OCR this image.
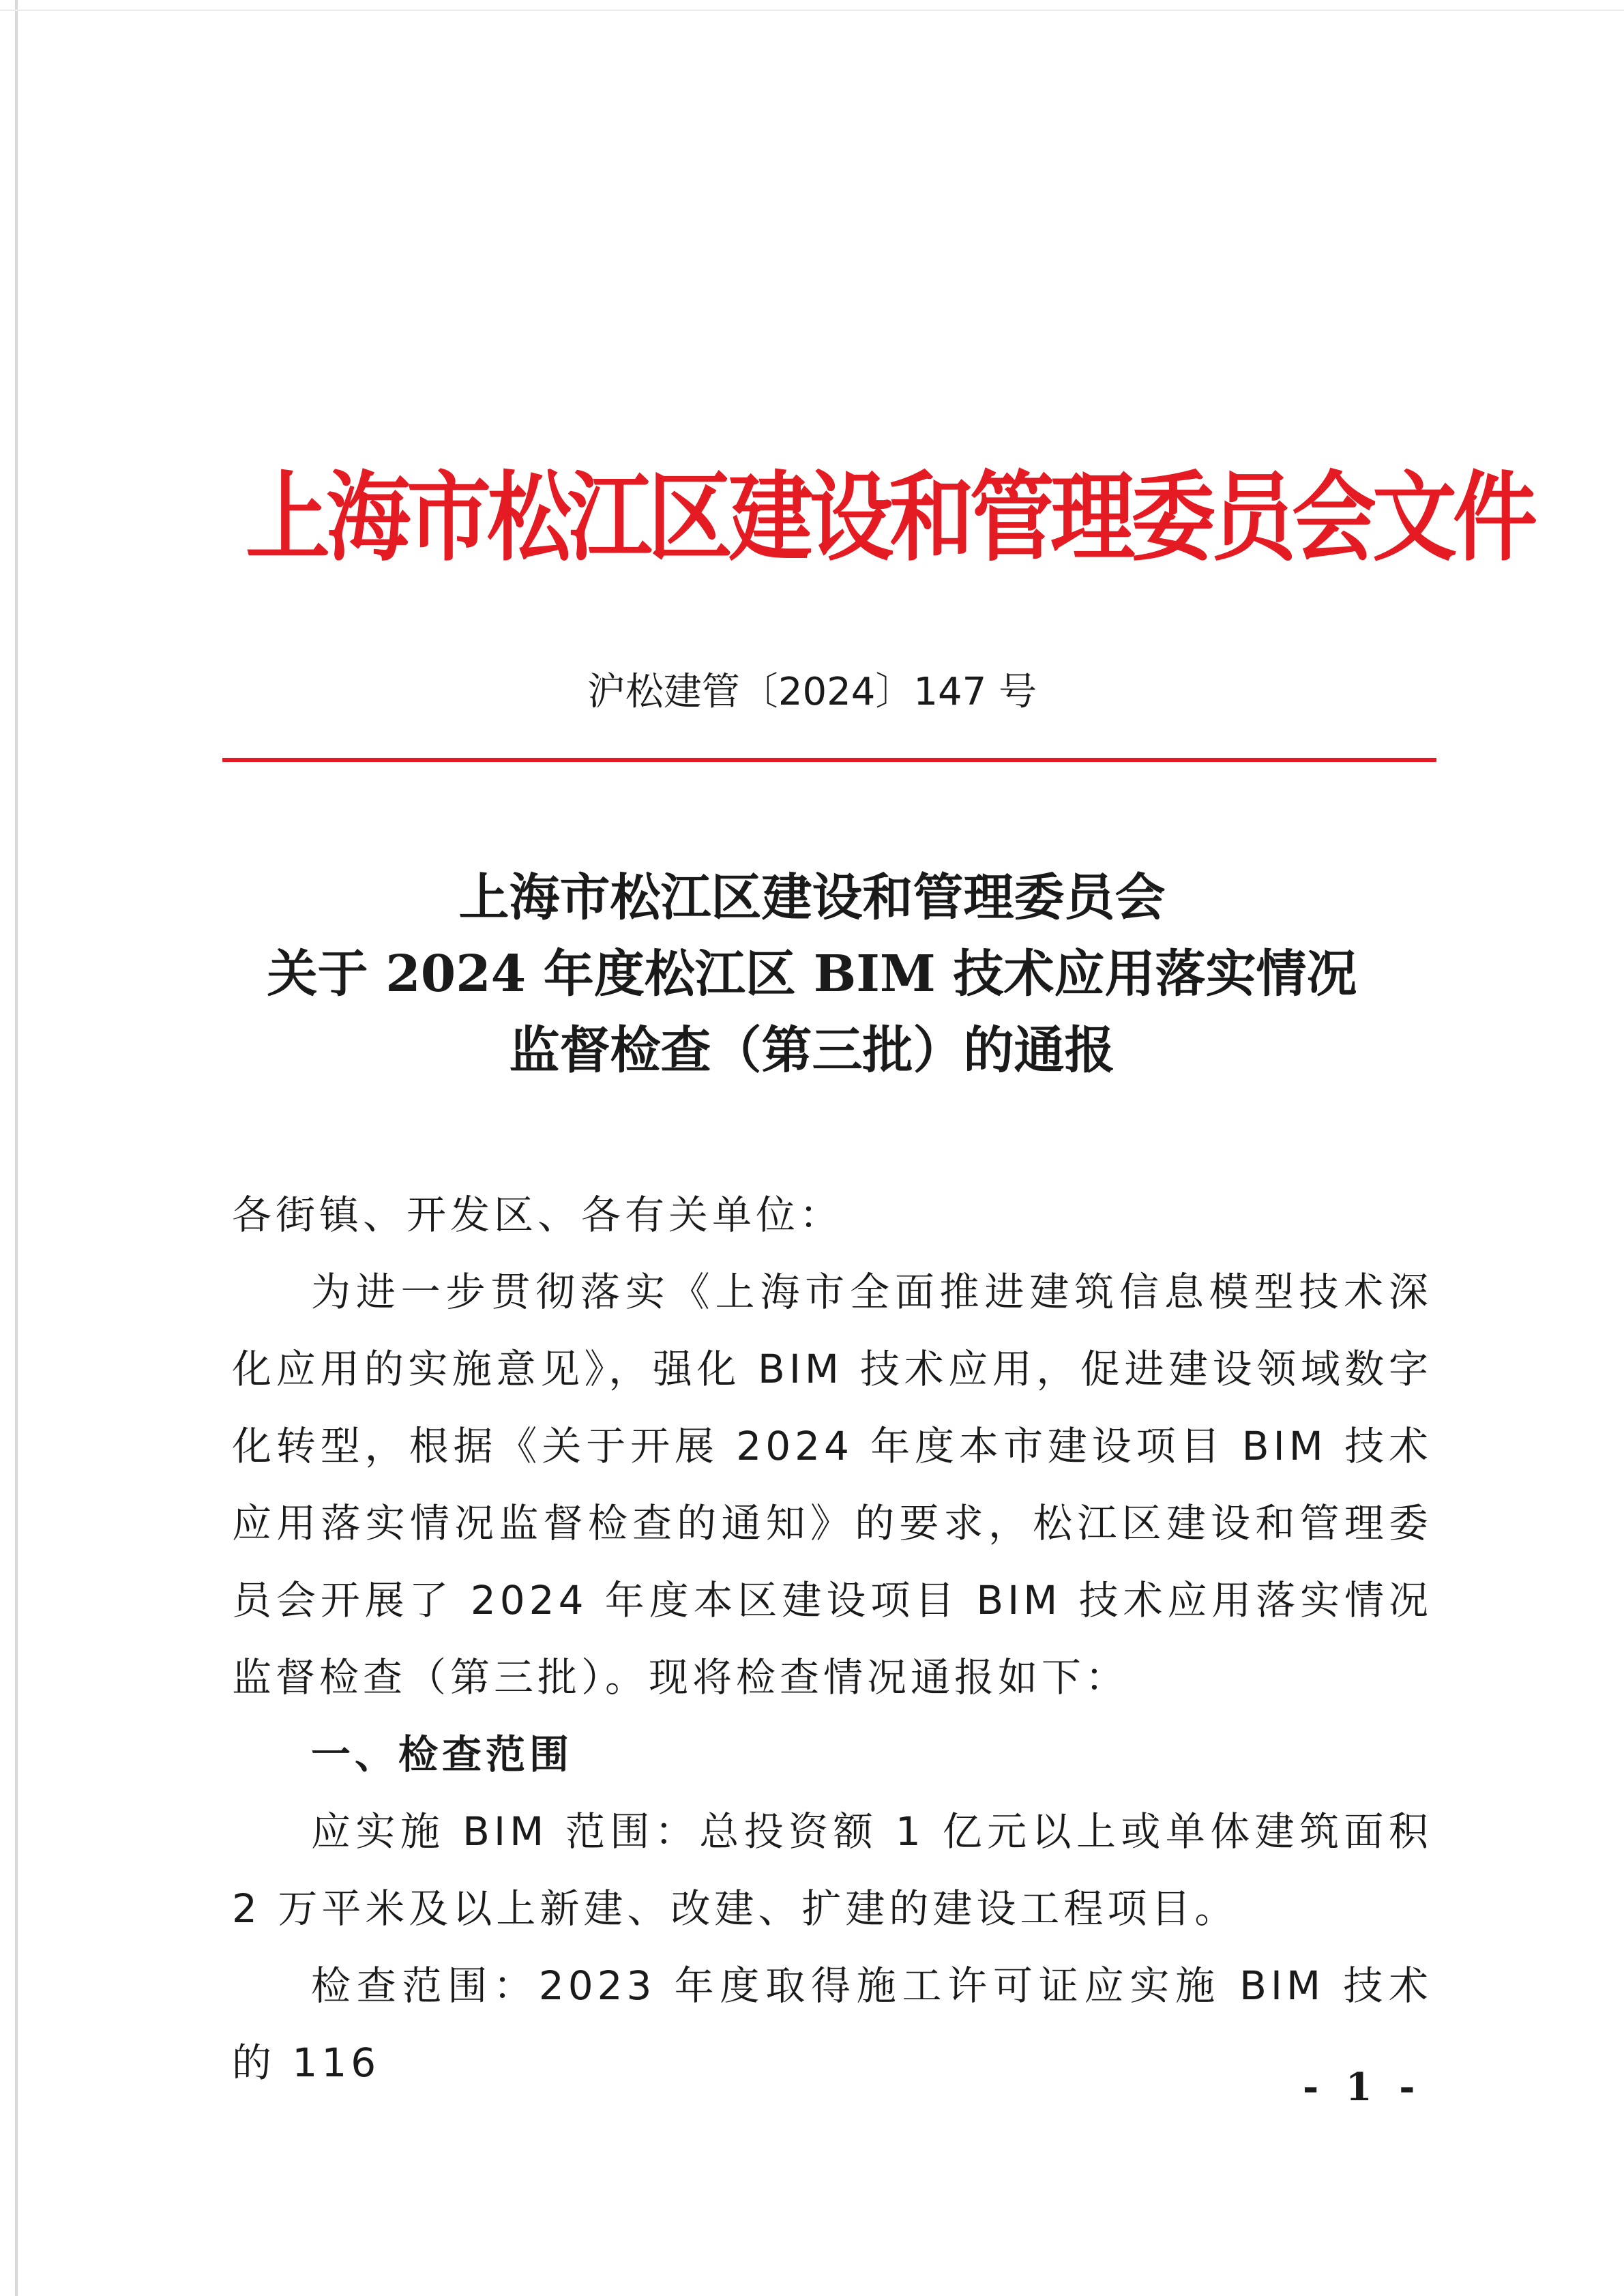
上海市松江区建设和管理委员会文件

沪松建管〔2024〕147 号

上海市松江区建设和管理委员会
关于 2024 年度松江区 BIM 技术应用落实情况
监督检查（第三批）的通报

各街镇、开发区、各有关单位：

为进一步贯彻落实《上海市全面推进建筑信息模型技术深化应用的实施意见》，强化 BIM 技术应用，促进建设领域数字化转型，根据《关于开展 2024 年度本市建设项目 BIM 技术应用落实情况监督检查的通知》的要求，松江区建设和管理委员会开展了 2024 年度本区建设项目 BIM 技术应用落实情况监督检查（第三批）。现将检查情况通报如下：

一、检查范围

应实施 BIM 范围：总投资额 1 亿元以上或单体建筑面积 2 万平米及以上新建、改建、扩建的建设工程项目。

检查范围：2023 年度取得施工许可证应实施 BIM 技术的 116

- 1 -
